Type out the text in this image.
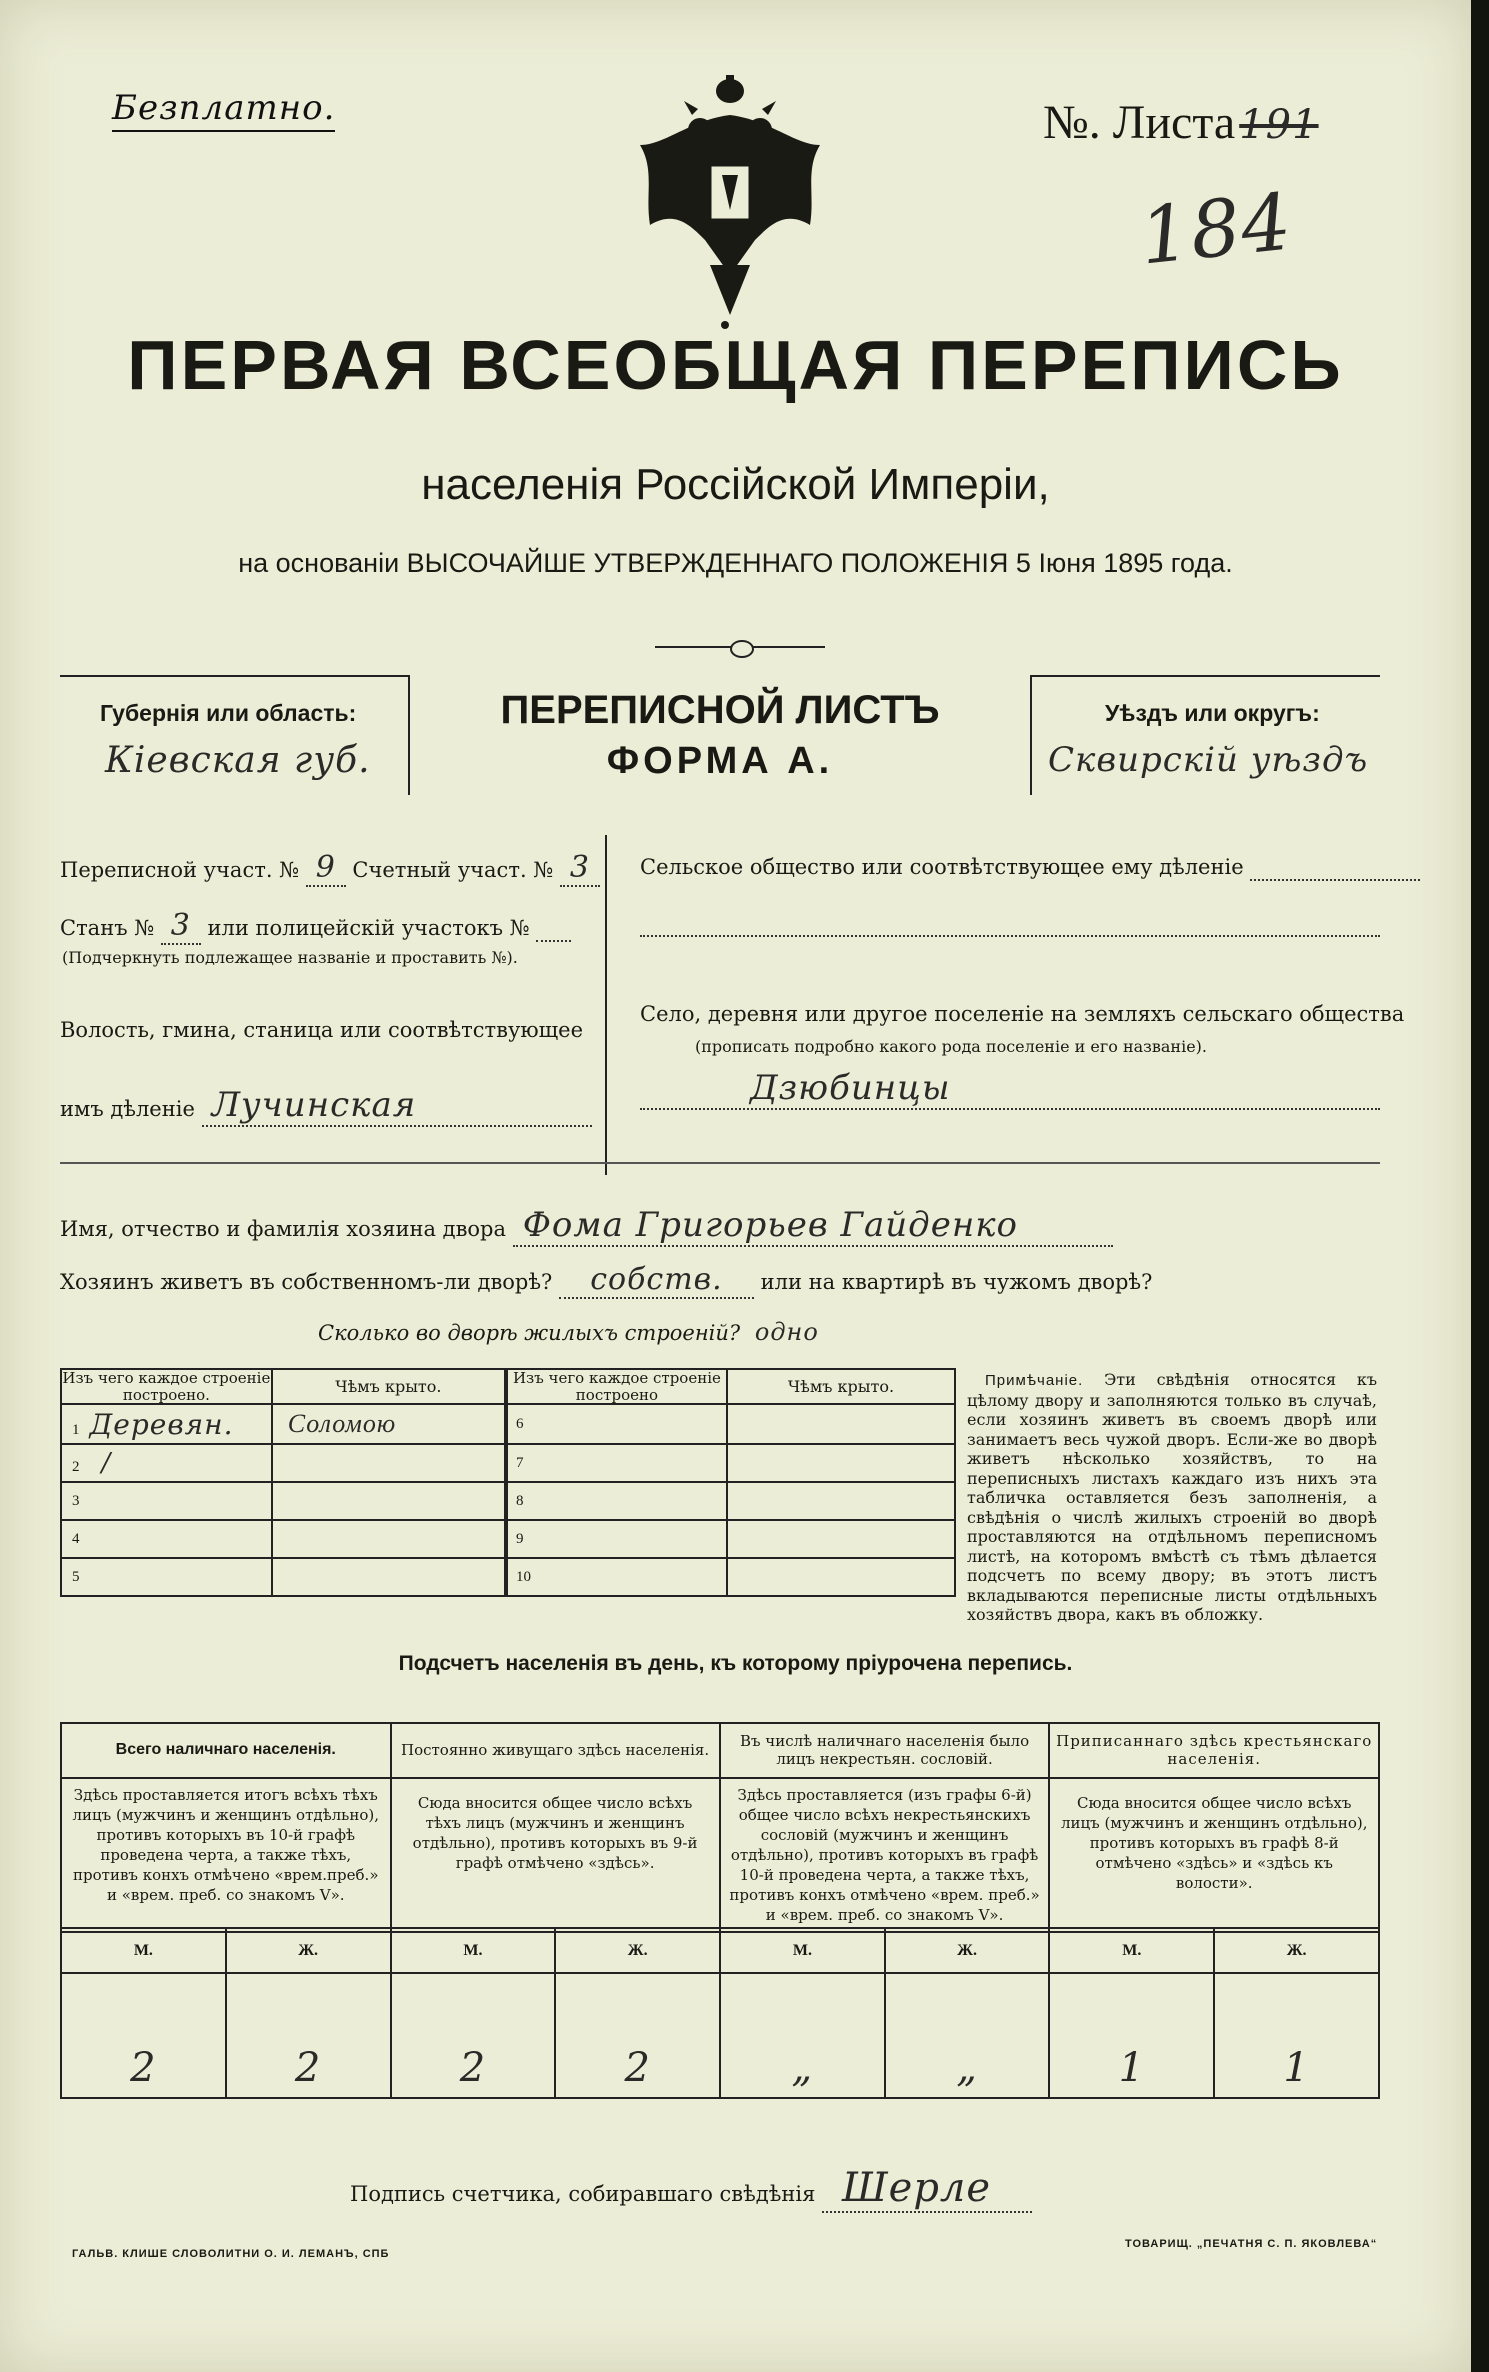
Безплатно.	№. Листа 191
184
ПЕРВАЯ ВСЕОБЩАЯ ПЕРЕПИСЬ
населенія Россійской Имперіи,
на основаніи ВЫСОЧАЙШЕ УТВЕРЖДЕННАГО ПОЛОЖЕНІЯ 5 Іюня 1895 года.
Губернія или область:
Кіевская губ.
ПЕРЕПИСНОЙ ЛИСТЪ
ФОРМА А.
Уѣздъ или округъ:
Сквирскій уѣздъ
Переписной участ. № 9 Счетный участ. № 3
Станъ № 3 или полицейскій участокъ №
(Подчеркнуть подлежащее названіе и проставить №).
Волость, гмина, станица или соотвѣтствующее
имъ дѣленіе Лучинская
Сельское общество или соотвѣтствующее ему дѣленіе
Село, деревня или другое поселеніе на земляхъ сельскаго общества
(прописать подробно какого рода поселеніе и его названіе).
Дзюбинцы
Имя, отчество и фамилія хозяина двора Фома Григорьев Гайденко
Хозяинъ живетъ въ собственномъ-ли дворѣ? собств. или на квартирѣ въ чужомъ дворѣ?
Сколько во дворѣ жилыхъ строеній? одно
Изъ чего каждое строеніе построено.	Чѣмъ крыто.	Изъ чего каждое строеніе построено	Чѣмъ крыто.
1 Деревян.	Соломою	6	
2 /		7	
3		8	
4		9	
5		10	
Примѣчаніе. Эти свѣдѣнія относятся къ цѣлому двору и заполняются только въ случаѣ, если хозяинъ живетъ въ своемъ дворѣ или занимаетъ весь чужой дворъ. Если-же во дворѣ живетъ нѣсколько хозяйствъ, то на переписныхъ листахъ каждаго изъ нихъ эта табличка оставляется безъ заполненія, а свѣдѣнія о числѣ жилыхъ строеній во дворѣ проставляются на отдѣльномъ переписномъ листѣ, на которомъ вмѣстѣ съ тѣмъ дѣлается подсчетъ по всему двору; въ этотъ листъ вкладываются переписные листы отдѣльныхъ хозяйствъ двора, какъ въ обложку.
Подсчетъ населенія въ день, къ которому пріурочена перепись.
Всего наличнаго населенія.	Постоянно живущаго здѣсь населенія.	Въ числѣ наличнаго населенія было лицъ некрестьян. сословій.	Приписаннаго здѣсь крестьянскаго населенія.
Здѣсь проставляется итогъ всѣхъ тѣхъ лицъ (мужчинъ и женщинъ отдѣльно), противъ которыхъ въ 10-й графѣ проведена черта, а также тѣхъ, противъ конхъ отмѣчено «врем.преб.» и «врем. преб. со знакомъ V».	Сюда вносится общее число всѣхъ тѣхъ лицъ (мужчинъ и женщинъ отдѣльно), противъ которыхъ въ 9-й графѣ отмѣчено «здѣсь».	Здѣсь проставляется (изъ графы 6-й) общее число всѣхъ некрестьянскихъ сословій (мужчинъ и женщинъ отдѣльно), противъ которыхъ въ графѣ 10-й проведена черта, а также тѣхъ, противъ конхъ отмѣчено «врем. преб.» и «врем. преб. со знакомъ V».	Сюда вносится общее число всѣхъ лицъ (мужчинъ и женщинъ отдѣльно), противъ которыхъ въ графѣ 8-й отмѣчено «здѣсь» и «здѣсь къ волости».
М.	Ж.	М.	Ж.	М.	Ж.	М.	Ж.
2	2	2	2	„	„	1	1
Подпись счетчика, собиравшаго свѣдѣнія Шерле
ГАЛЬВ. КЛИШЕ СЛОВОЛИТНИ О. И. ЛЕМАНЪ, СПБ
ТОВАРИЩ. „ПЕЧАТНЯ С. П. ЯКОВЛЕВА“
